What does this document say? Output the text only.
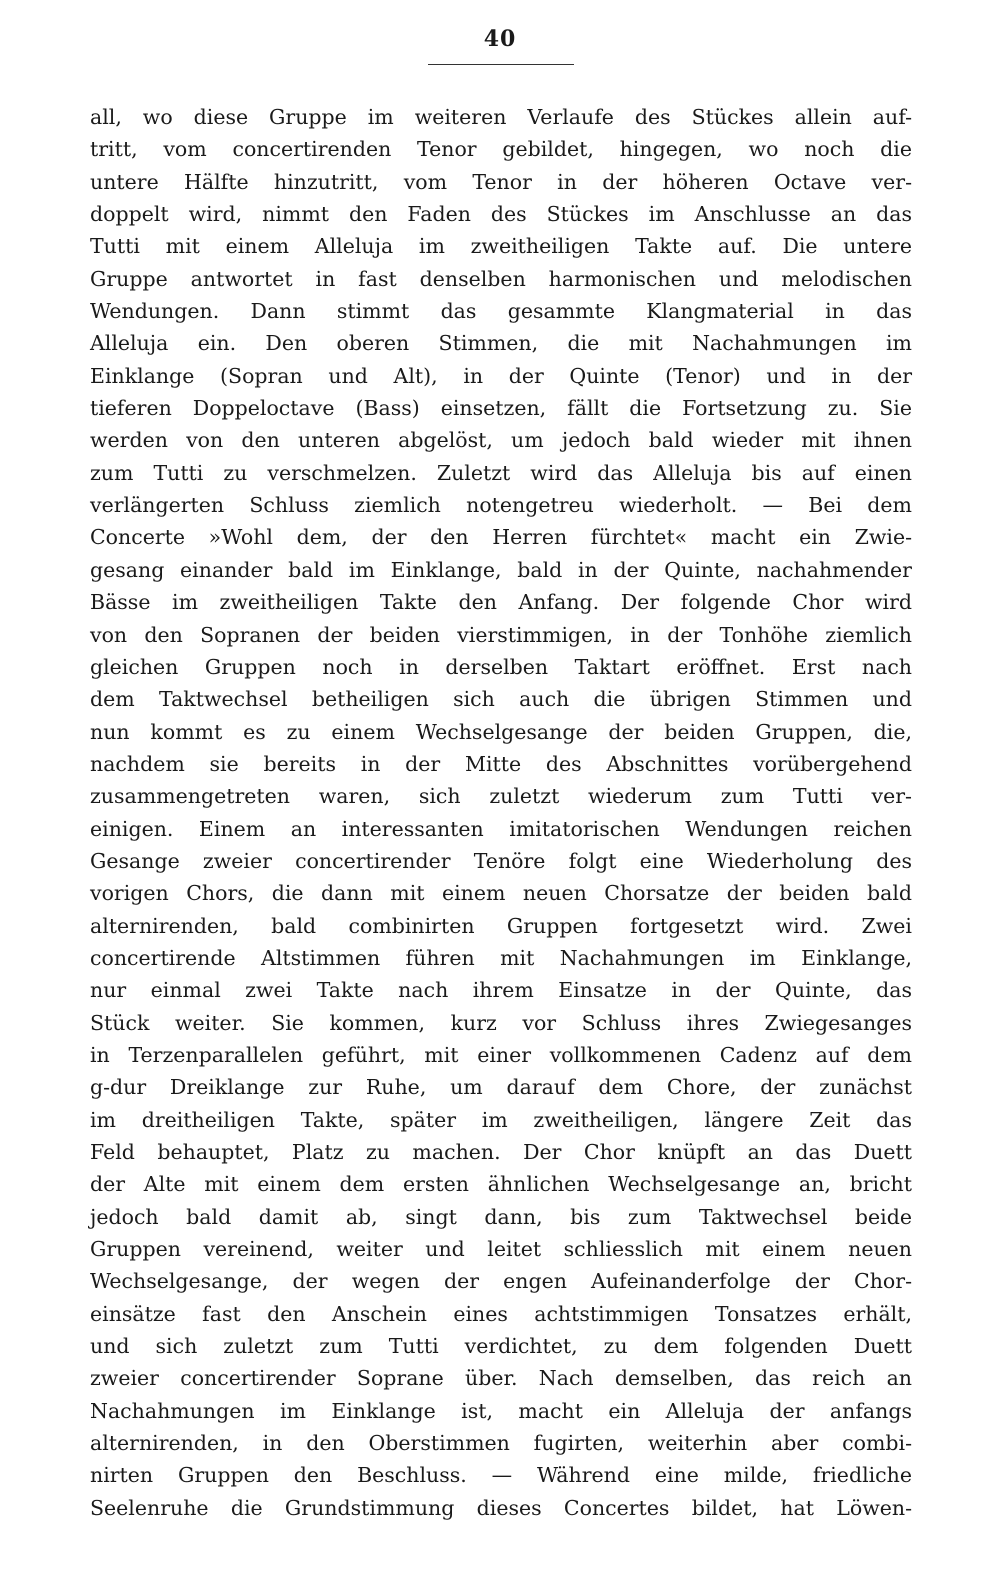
40
all, wo diese Gruppe im weiteren Verlaufe des Stückes allein auf-
tritt, vom concertirenden Tenor gebildet, hingegen, wo noch die
untere Hälfte hinzutritt, vom Tenor in der höheren Octave ver-
doppelt wird, nimmt den Faden des Stückes im Anschlusse an das
Tutti mit einem Alleluja im zweitheiligen Takte auf. Die untere
Gruppe antwortet in fast denselben harmonischen und melodischen
Wendungen. Dann stimmt das gesammte Klangmaterial in das
Alleluja ein. Den oberen Stimmen, die mit Nachahmungen im
Einklange (Sopran und Alt), in der Quinte (Tenor) und in der
tieferen Doppeloctave (Bass) einsetzen, fällt die Fortsetzung zu. Sie
werden von den unteren abgelöst, um jedoch bald wieder mit ihnen
zum Tutti zu verschmelzen. Zuletzt wird das Alleluja bis auf einen
verlängerten Schluss ziemlich notengetreu wiederholt. — Bei dem
Concerte »Wohl dem, der den Herren fürchtet« macht ein Zwie-
gesang einander bald im Einklange, bald in der Quinte, nachahmender
Bässe im zweitheiligen Takte den Anfang. Der folgende Chor wird
von den Sopranen der beiden vierstimmigen, in der Tonhöhe ziemlich
gleichen Gruppen noch in derselben Taktart eröffnet. Erst nach
dem Taktwechsel betheiligen sich auch die übrigen Stimmen und
nun kommt es zu einem Wechselgesange der beiden Gruppen, die,
nachdem sie bereits in der Mitte des Abschnittes vorübergehend
zusammengetreten waren, sich zuletzt wiederum zum Tutti ver-
einigen. Einem an interessanten imitatorischen Wendungen reichen
Gesange zweier concertirender Tenöre folgt eine Wiederholung des
vorigen Chors, die dann mit einem neuen Chorsatze der beiden bald
alternirenden, bald combinirten Gruppen fortgesetzt wird. Zwei
concertirende Altstimmen führen mit Nachahmungen im Einklange,
nur einmal zwei Takte nach ihrem Einsatze in der Quinte, das
Stück weiter. Sie kommen, kurz vor Schluss ihres Zwiegesanges
in Terzenparallelen geführt, mit einer vollkommenen Cadenz auf dem
g-dur Dreiklange zur Ruhe, um darauf dem Chore, der zunächst
im dreitheiligen Takte, später im zweitheiligen, längere Zeit das
Feld behauptet, Platz zu machen. Der Chor knüpft an das Duett
der Alte mit einem dem ersten ähnlichen Wechselgesange an, bricht
jedoch bald damit ab, singt dann, bis zum Taktwechsel beide
Gruppen vereinend, weiter und leitet schliesslich mit einem neuen
Wechselgesange, der wegen der engen Aufeinanderfolge der Chor-
einsätze fast den Anschein eines achtstimmigen Tonsatzes erhält,
und sich zuletzt zum Tutti verdichtet, zu dem folgenden Duett
zweier concertirender Soprane über. Nach demselben, das reich an
Nachahmungen im Einklange ist, macht ein Alleluja der anfangs
alternirenden, in den Oberstimmen fugirten, weiterhin aber combi-
nirten Gruppen den Beschluss. — Während eine milde, friedliche
Seelenruhe die Grundstimmung dieses Concertes bildet, hat Löwen-
